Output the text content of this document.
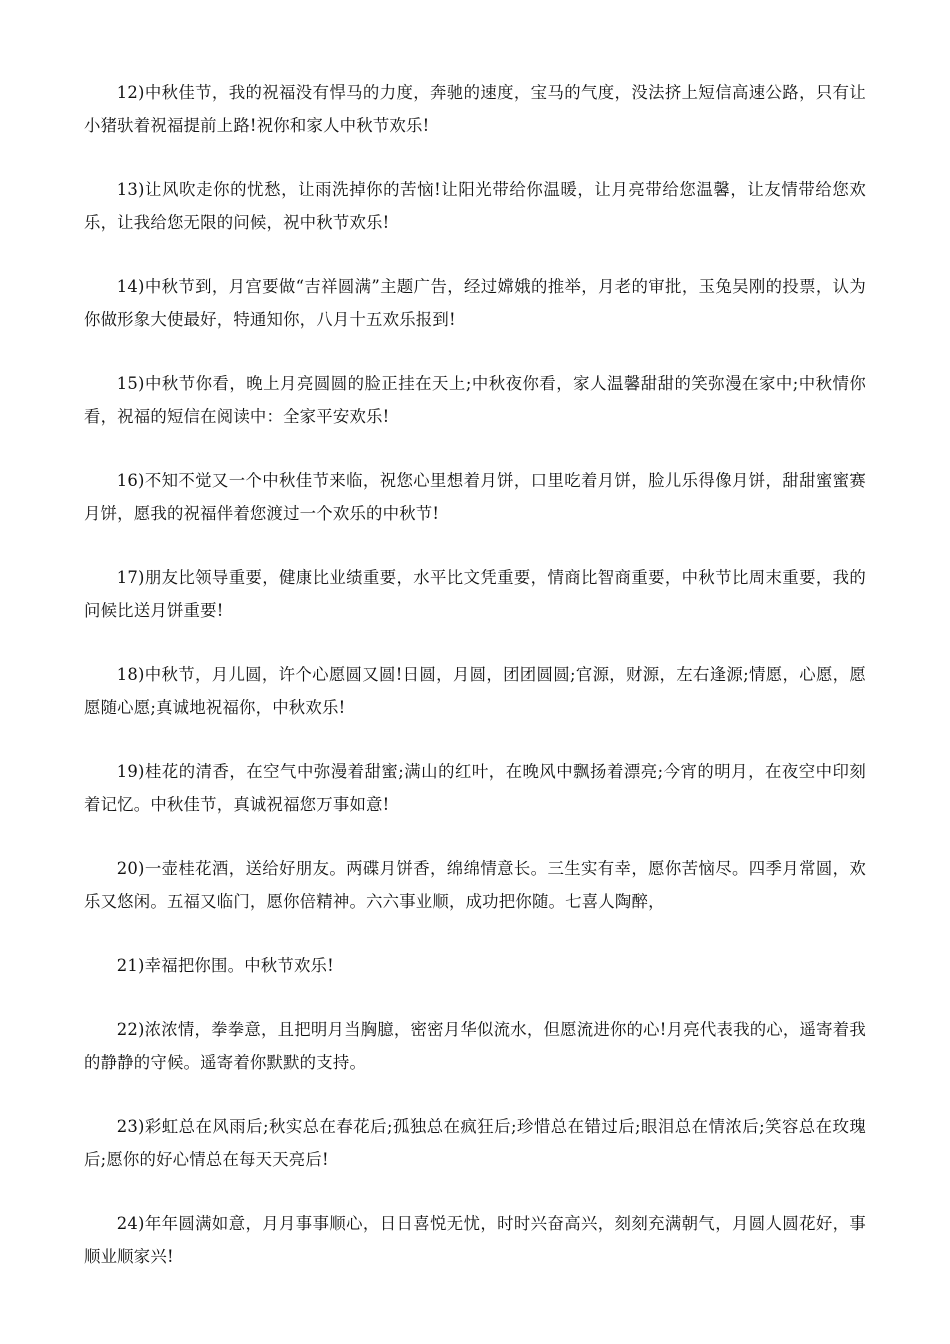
12)中秋佳节，我的祝福没有悍马的力度，奔驰的速度，宝马的气度，没法挤上短信高速公路，只有让小猪驮着祝福提前上路!祝你和家人中秋节欢乐!

13)让风吹走你的忧愁，让雨洗掉你的苦恼!让阳光带给你温暖，让月亮带给您温馨，让友情带给您欢乐，让我给您无限的问候，祝中秋节欢乐!

14)中秋节到，月宫要做“吉祥圆满”主题广告，经过嫦娥的推举，月老的审批，玉兔吴刚的投票，认为你做形象大使最好，特通知你，八月十五欢乐报到!

15)中秋节你看，晚上月亮圆圆的脸正挂在天上;中秋夜你看，家人温馨甜甜的笑弥漫在家中;中秋情你看，祝福的短信在阅读中：全家平安欢乐!

16)不知不觉又一个中秋佳节来临，祝您心里想着月饼，口里吃着月饼，脸儿乐得像月饼，甜甜蜜蜜赛月饼，愿我的祝福伴着您渡过一个欢乐的中秋节!

17)朋友比领导重要，健康比业绩重要，水平比文凭重要，情商比智商重要，中秋节比周末重要，我的问候比送月饼重要!

18)中秋节，月儿圆，许个心愿圆又圆!日圆，月圆，团团圆圆;官源，财源，左右逢源;情愿，心愿，愿愿随心愿;真诚地祝福你，中秋欢乐!

19)桂花的清香，在空气中弥漫着甜蜜;满山的红叶，在晚风中飘扬着漂亮;今宵的明月，在夜空中印刻着记忆。中秋佳节，真诚祝福您万事如意!

20)一壶桂花酒，送给好朋友。两碟月饼香，绵绵情意长。三生实有幸，愿你苦恼尽。四季月常圆，欢乐又悠闲。五福又临门，愿你倍精神。六六事业顺，成功把你随。七喜人陶醉，

21)幸福把你围。中秋节欢乐!

22)浓浓情，拳拳意，且把明月当胸臆，密密月华似流水，但愿流进你的心!月亮代表我的心，遥寄着我的静静的守候。遥寄着你默默的支持。

23)彩虹总在风雨后;秋实总在春花后;孤独总在疯狂后;珍惜总在错过后;眼泪总在情浓后;笑容总在玫瑰后;愿你的好心情总在每天天亮后!

24)年年圆满如意，月月事事顺心，日日喜悦无忧，时时兴奋高兴，刻刻充满朝气，月圆人圆花好，事顺业顺家兴!
